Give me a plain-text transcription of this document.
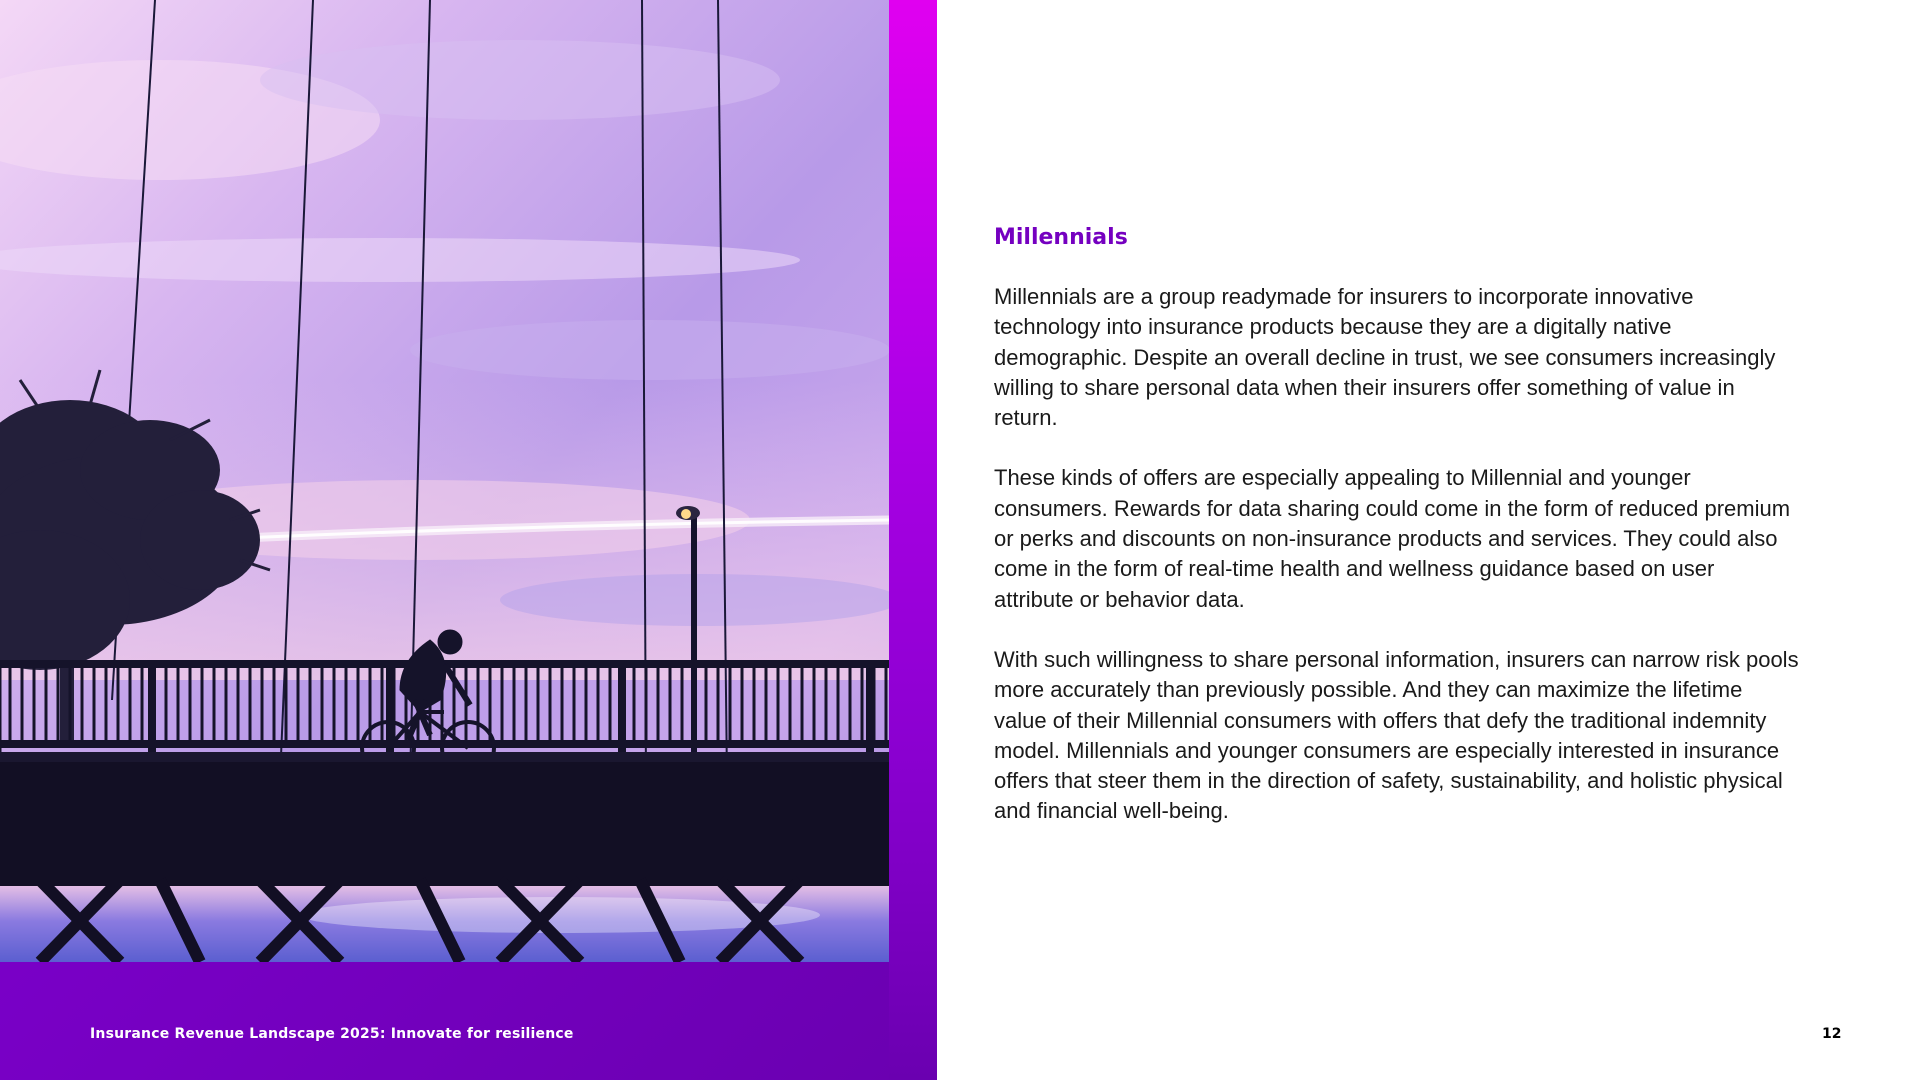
Insurance Revenue Landscape 2025: Innovate for resilience
Millennials

Millennials are a group readymade for insurers to incorporate innovative technology into insurance products because they are a digitally native demographic. Despite an overall decline in trust, we see consumers increasingly willing to share personal data when their insurers offer something of value in return.

These kinds of offers are especially appealing to Millennial and younger consumers. Rewards for data sharing could come in the form of reduced premium or perks and discounts on non-insurance products and services. They could also come in the form of real-time health and wellness guidance based on user attribute or behavior data.

With such willingness to share personal information, insurers can narrow risk pools more accurately than previously possible. And they can maximize the lifetime value of their Millennial consumers with offers that defy the traditional indemnity model. Millennials and younger consumers are especially interested in insurance offers that steer them in the direction of safety, sustainability, and holistic physical and financial well-being.

12
